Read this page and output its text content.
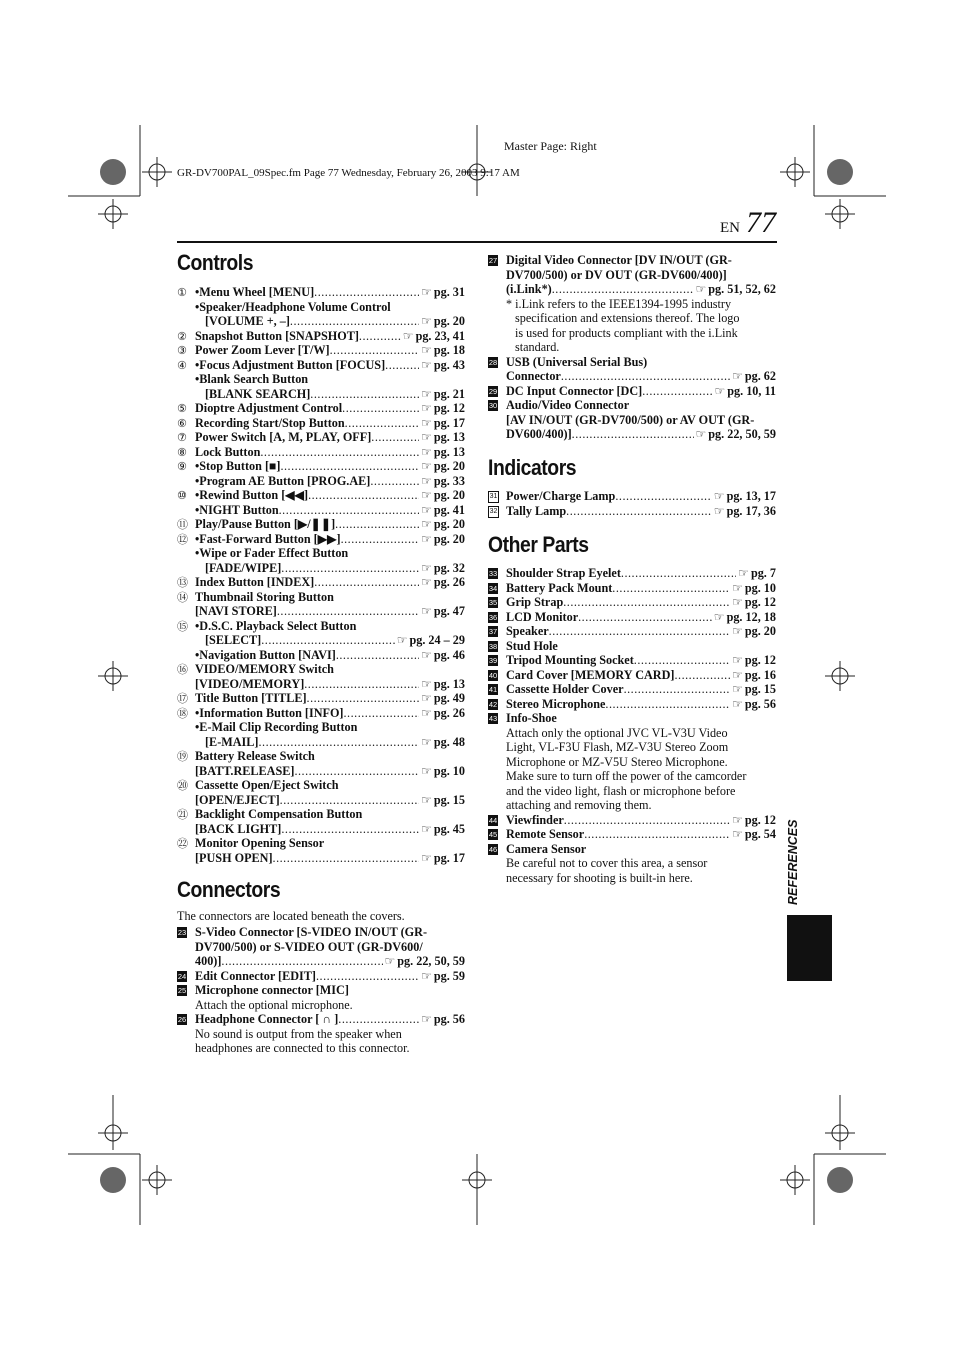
Master Page: Right
GR-DV700PAL_09Spec.fm Page 77 Wednesday, February 26, 2003 9:17 AM
EN 77
Controls
① •Menu Wheel [MENU] .....	☞ pg. 31
•Speaker/Headphone Volume Control
[VOLUME +, –] .....	☞ pg. 20
② Snapshot Button [SNAPSHOT] .....	☞ pg. 23, 41
③ Power Zoom Lever [T/W] .....	☞ pg. 18
④ •Focus Adjustment Button [FOCUS] .....	☞ pg. 43
•Blank Search Button
[BLANK SEARCH] .....	☞ pg. 21
⑤ Dioptre Adjustment Control .....	☞ pg. 12
⑥ Recording Start/Stop Button .....	☞ pg. 17
⑦ Power Switch [A, M, PLAY, OFF] .....	☞ pg. 13
⑧ Lock Button .....	☞ pg. 13
⑨ •Stop Button [■] .....	☞ pg. 20
•Program AE Button [PROG.AE] .....	☞ pg. 33
⑩ •Rewind Button [◀◀] .....	☞ pg. 20
•NIGHT Button .....	☞ pg. 41
⑪ Play/Pause Button [▶/❚❚] .....	☞ pg. 20
⑫ •Fast-Forward Button [▶▶] .....	☞ pg. 20
•Wipe or Fader Effect Button
[FADE/WIPE] .....	☞ pg. 32
⑬ Index Button [INDEX] .....	☞ pg. 26
⑭ Thumbnail Storing Button
[NAVI STORE] .....	☞ pg. 47
⑮ •D.S.C. Playback Select Button
[SELECT] .....	☞ pg. 24 – 29
•Navigation Button [NAVI] .....	☞ pg. 46
⑯ VIDEO/MEMORY Switch
[VIDEO/MEMORY] .....	☞ pg. 13
⑰ Title Button [TITLE] .....	☞ pg. 49
⑱ •Information Button [INFO] .....	☞ pg. 26
•E-Mail Clip Recording Button
[E-MAIL] .....	☞ pg. 48
⑲ Battery Release Switch
[BATT.RELEASE] .....	☞ pg. 10
⑳ Cassette Open/Eject Switch
[OPEN/EJECT] .....	☞ pg. 15
㉑ Backlight Compensation Button
[BACK LIGHT] .....	☞ pg. 45
㉒ Monitor Opening Sensor
[PUSH OPEN] .....	☞ pg. 17
Connectors
The connectors are located beneath the covers.
23 S-Video Connector [S-VIDEO IN/OUT (GR-
DV700/500) or S-VIDEO OUT (GR-DV600/
400)] .....	☞ pg. 22, 50, 59
24 Edit Connector [EDIT] .....	☞ pg. 59
25 Microphone connector [MIC]
Attach the optional microphone.
26 Headphone Connector [ ∩ ] .....	☞ pg. 56
No sound is output from the speaker when
headphones are connected to this connector.
27 Digital Video Connector [DV IN/OUT (GR-
DV700/500) or DV OUT (GR-DV600/400)]
(i.Link*) .....	☞ pg. 51, 52, 62
* i.Link refers to the IEEE1394-1995 industry
specification and extensions thereof. The logo
is used for products compliant with the i.Link
standard.
28 USB (Universal Serial Bus)
Connector .....	☞ pg. 62
29 DC Input Connector [DC] .....	☞ pg. 10, 11
30 Audio/Video Connector
[AV IN/OUT (GR-DV700/500) or AV OUT (GR-
DV600/400)] .....	☞ pg. 22, 50, 59
Indicators
31 Power/Charge Lamp .....	☞ pg. 13, 17
32 Tally Lamp .....	☞ pg. 17, 36
Other Parts
33 Shoulder Strap Eyelet .....	☞ pg. 7
34 Battery Pack Mount .....	☞ pg. 10
35 Grip Strap .....	☞ pg. 12
36 LCD Monitor .....	☞ pg. 12, 18
37 Speaker .....	☞ pg. 20
38 Stud Hole
39 Tripod Mounting Socket .....	☞ pg. 12
40 Card Cover [MEMORY CARD] .....	☞ pg. 16
41 Cassette Holder Cover .....	☞ pg. 15
42 Stereo Microphone .....	☞ pg. 56
43 Info-Shoe
Attach only the optional JVC VL-V3U Video
Light, VL-F3U Flash, MZ-V3U Stereo Zoom
Microphone or MZ-V5U Stereo Microphone.
Make sure to turn off the power of the camcorder
and the video light, flash or microphone before
attaching and removing them.
44 Viewfinder .....	☞ pg. 12
45 Remote Sensor .....	☞ pg. 54
46 Camera Sensor
Be careful not to cover this area, a sensor
necessary for shooting is built-in here.	REFERENCES
